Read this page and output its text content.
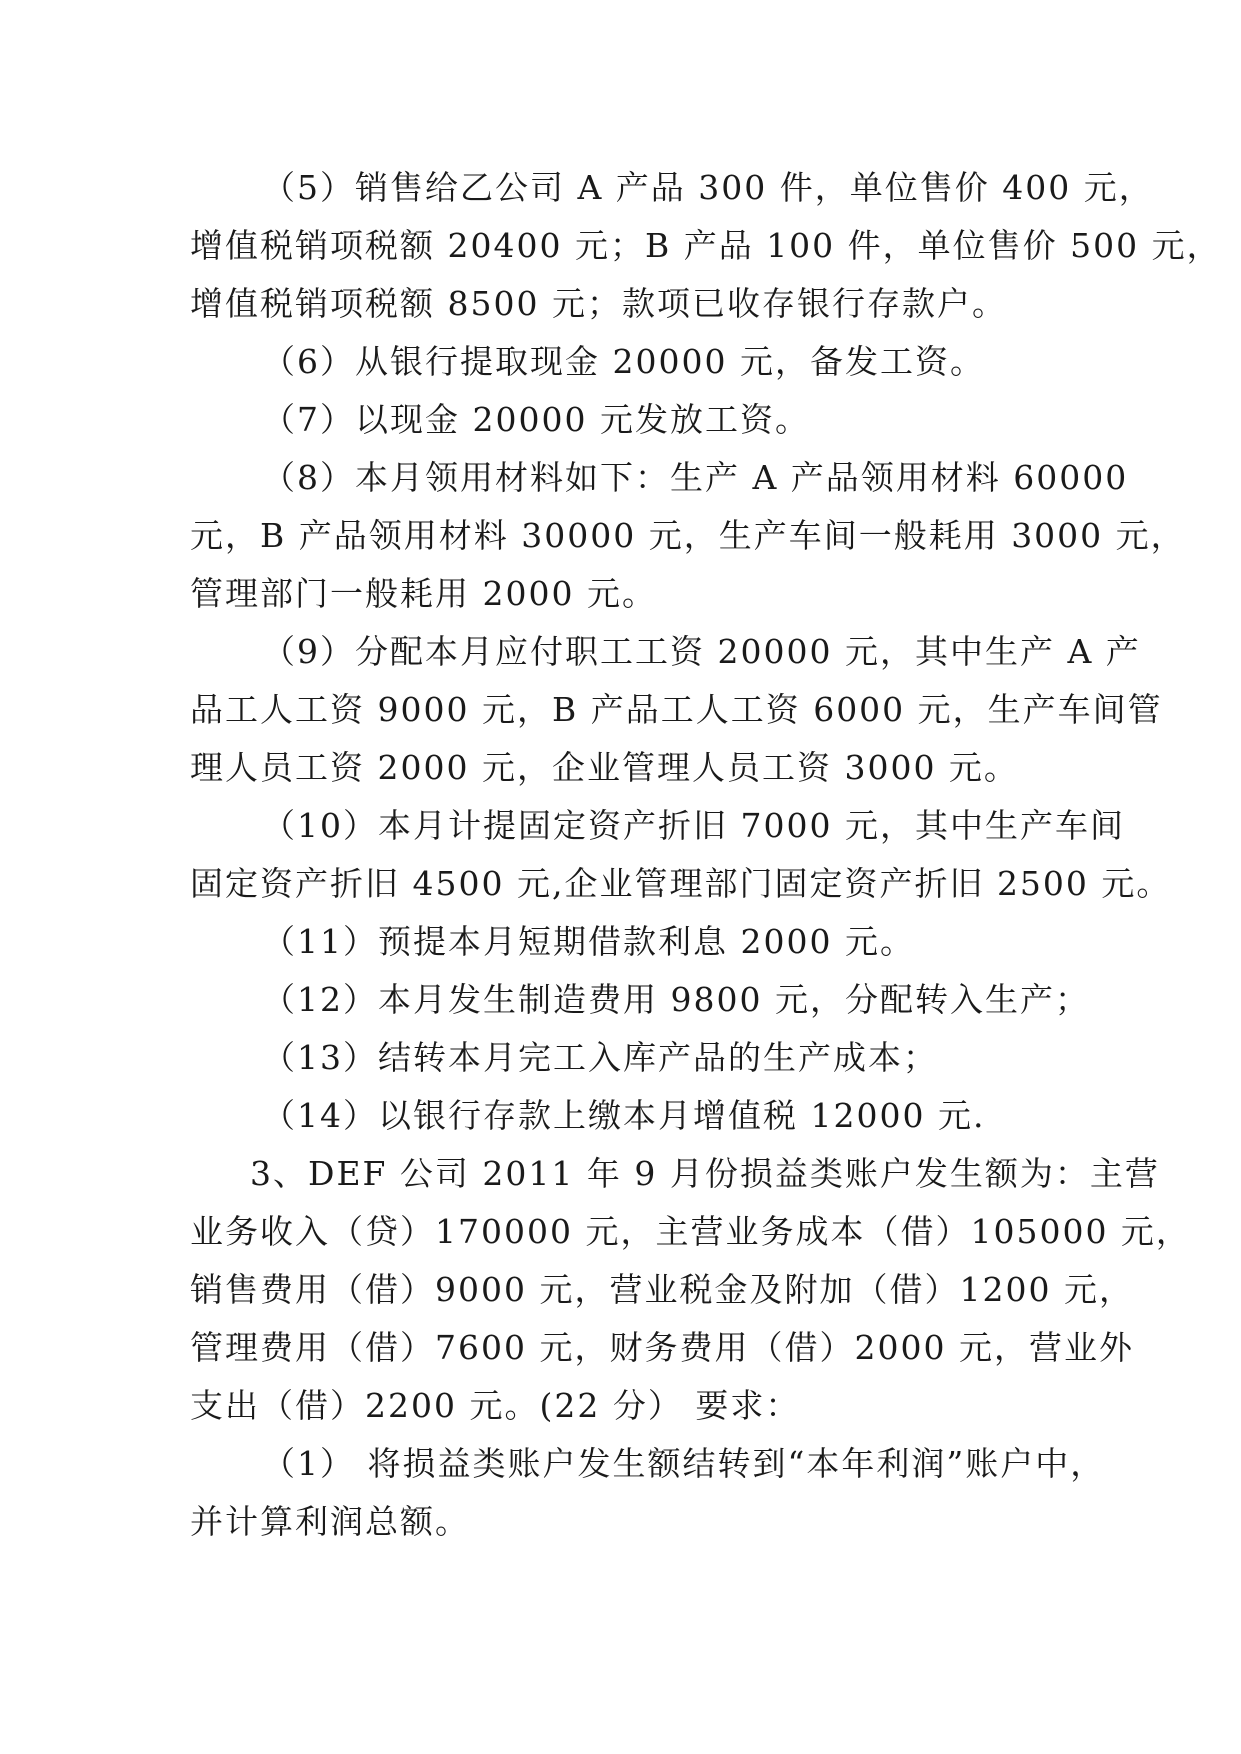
（5）销售给乙公司 A 产品 300 件，单位售价 400 元，
增值税销项税额 20400 元；B 产品 100 件，单位售价 500 元，
增值税销项税额 8500 元；款项已收存银行存款户。

（6）从银行提取现金 20000 元，备发工资。

（7）以现金 20000 元发放工资。

（8）本月领用材料如下：生产 A 产品领用材料 60000
元，B 产品领用材料 30000 元，生产车间一般耗用 3000 元，
管理部门一般耗用 2000 元。

（9）分配本月应付职工工资 20000 元，其中生产 A 产
品工人工资 9000 元，B 产品工人工资 6000 元，生产车间管
理人员工资 2000 元，企业管理人员工资 3000 元。

（10）本月计提固定资产折旧 7000 元，其中生产车间
固定资产折旧 4500 元,企业管理部门固定资产折旧 2500 元。

（11）预提本月短期借款利息 2000 元。

（12）本月发生制造费用 9800 元，分配转入生产；

（13）结转本月完工入库产品的生产成本；

（14）以银行存款上缴本月增值税 12000 元.

3、DEF 公司 2011 年 9 月份损益类账户发生额为：主营
业务收入（贷）170000 元，主营业务成本（借）105000 元，
销售费用（借）9000 元，营业税金及附加（借）1200 元，
管理费用（借）7600 元，财务费用（借）2000 元，营业外
支出（借）2200 元。(22 分） 要求：

（1） 将损益类账户发生额结转到“本年利润”账户中，
并计算利润总额。
